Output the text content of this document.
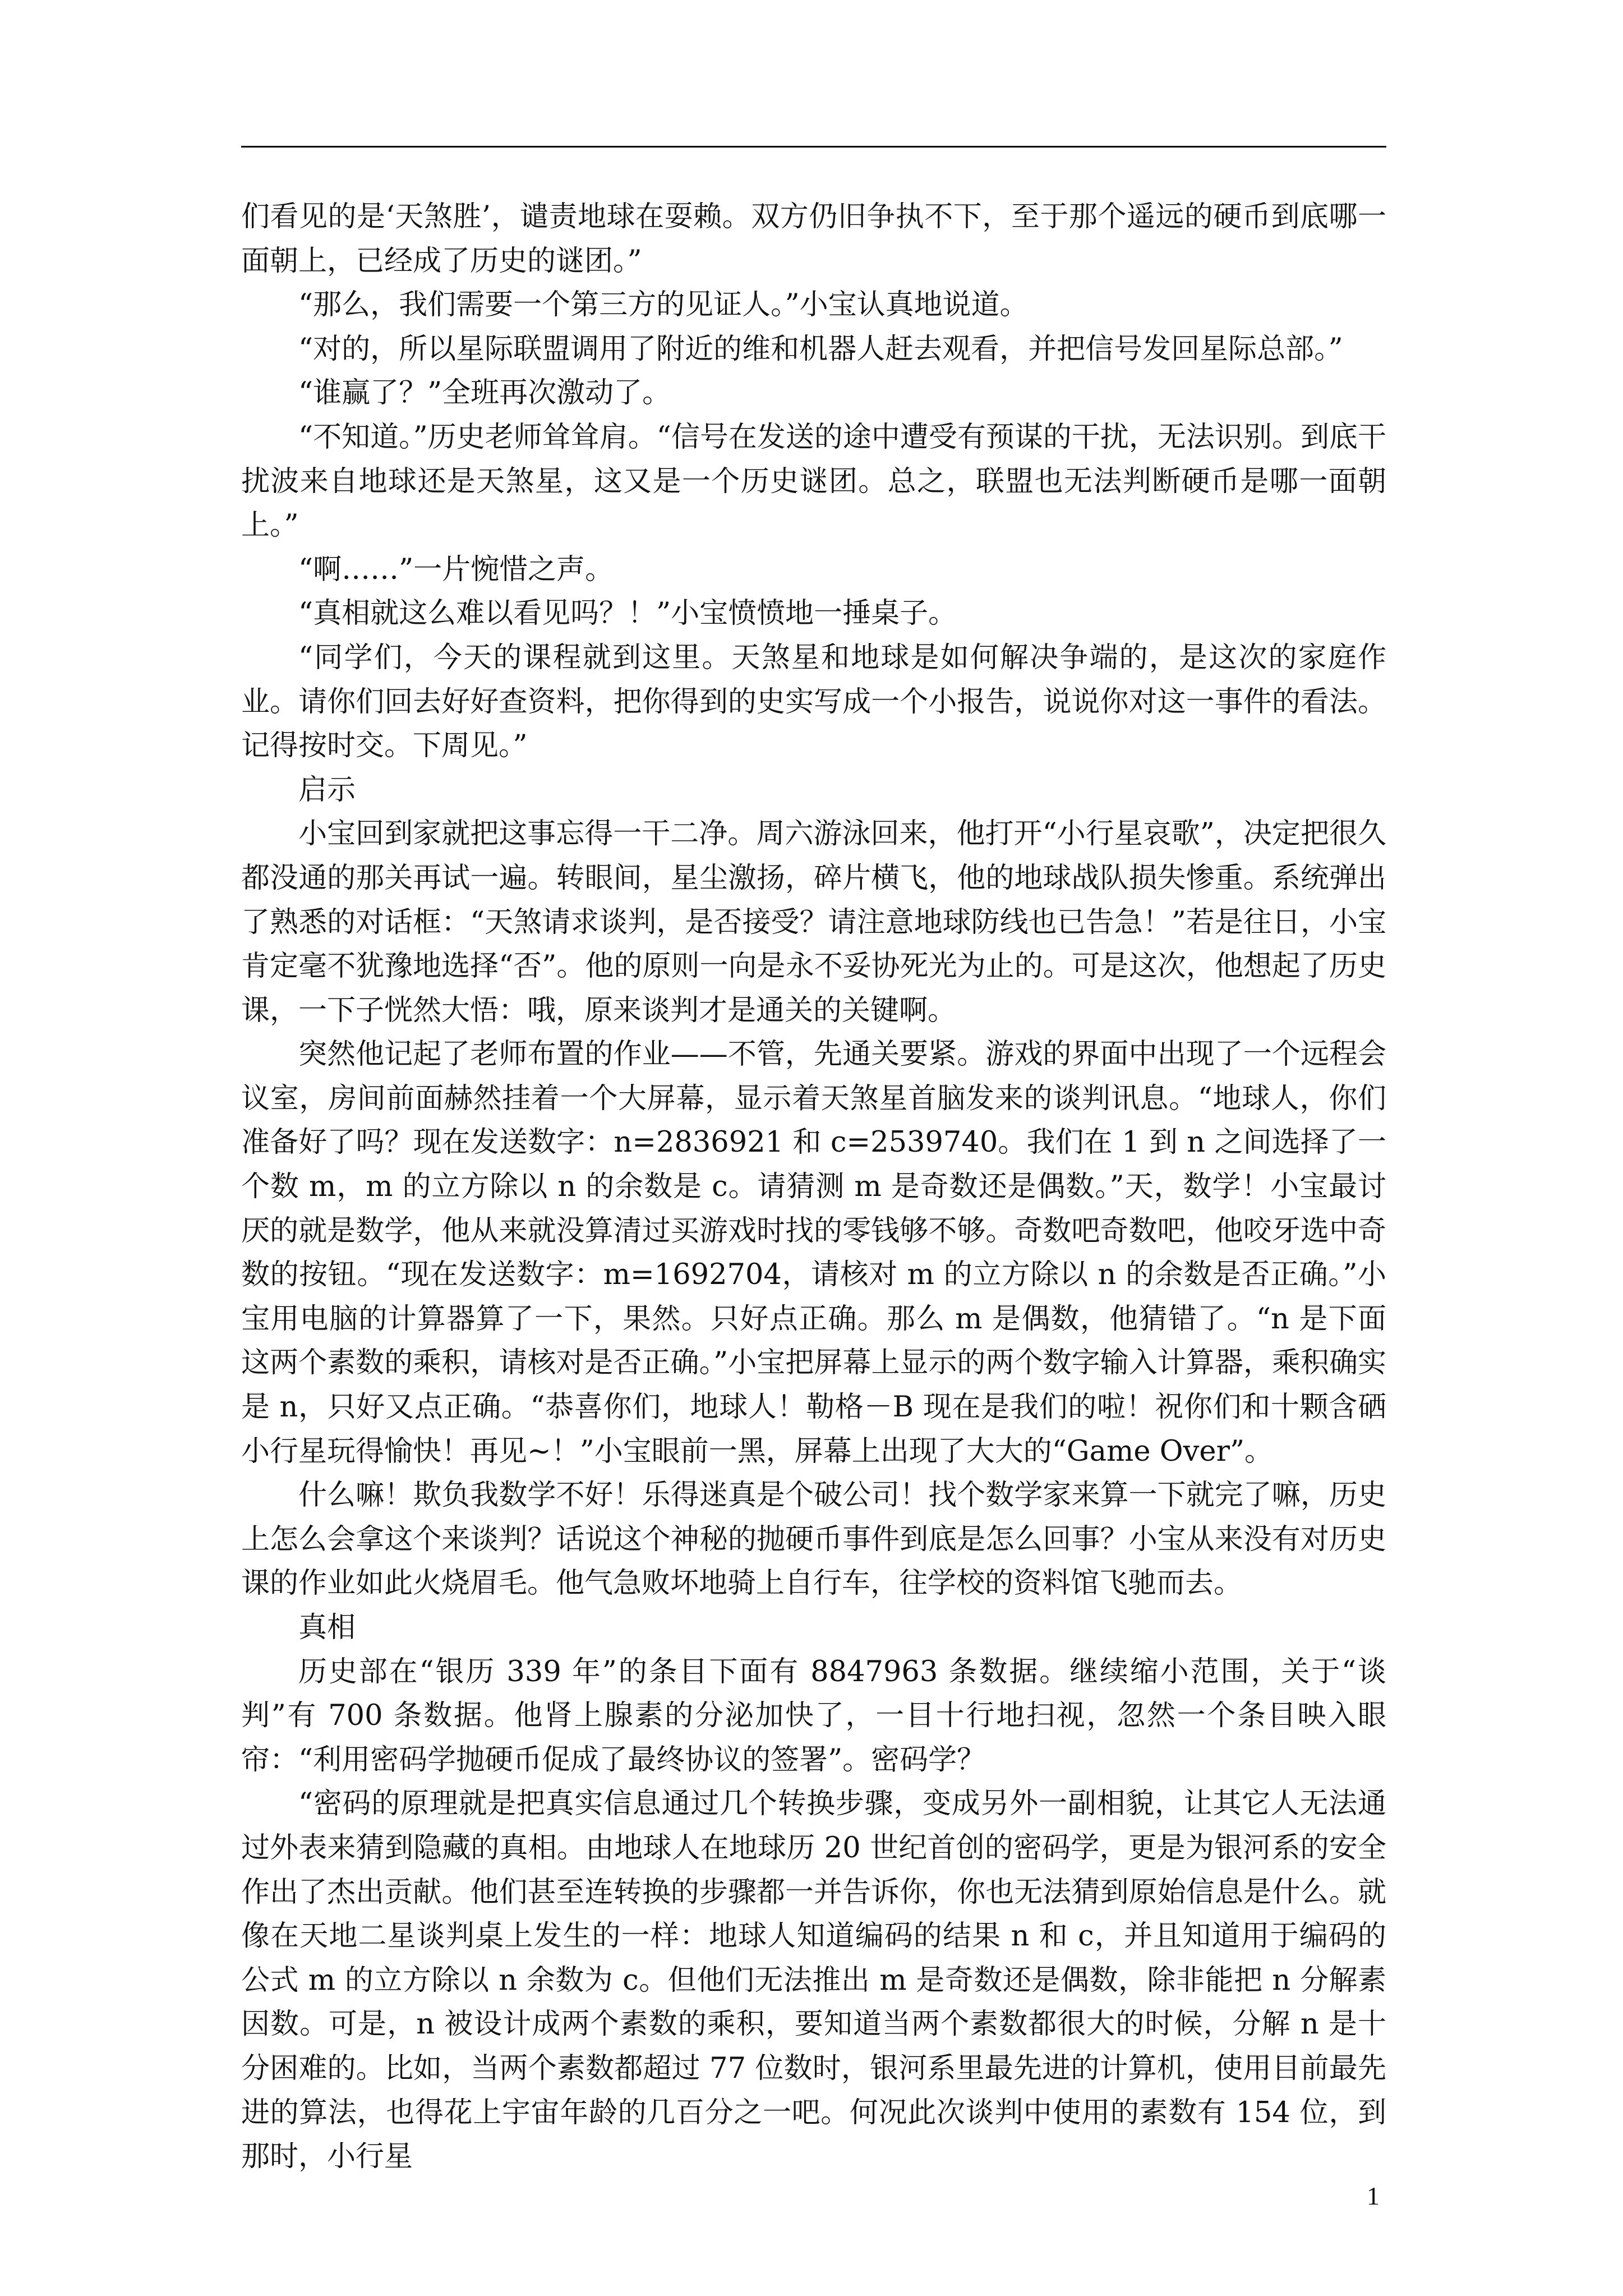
们看见的是‘天煞胜’，谴责地球在耍赖。双方仍旧争执不下，至于那个遥远的硬币到底哪一面朝上，已经成了历史的谜团。”

“那么，我们需要一个第三方的见证人。”小宝认真地说道。

“对的，所以星际联盟调用了附近的维和机器人赶去观看，并把信号发回星际总部。”

“谁赢了？”全班再次激动了。

“不知道。”历史老师耸耸肩。“信号在发送的途中遭受有预谋的干扰，无法识别。到底干扰波来自地球还是天煞星，这又是一个历史谜团。总之，联盟也无法判断硬币是哪一面朝上。”

“啊……”一片惋惜之声。

“真相就这么难以看见吗？！”小宝愤愤地一捶桌子。

“同学们，今天的课程就到这里。天煞星和地球是如何解决争端的，是这次的家庭作业。请你们回去好好查资料，把你得到的史实写成一个小报告，说说你对这一事件的看法。记得按时交。下周见。”

启示

小宝回到家就把这事忘得一干二净。周六游泳回来，他打开“小行星哀歌”，决定把很久都没通的那关再试一遍。转眼间，星尘激扬，碎片横飞，他的地球战队损失惨重。系统弹出了熟悉的对话框：“天煞请求谈判，是否接受？请注意地球防线也已告急！”若是往日，小宝肯定毫不犹豫地选择“否”。他的原则一向是永不妥协死光为止的。可是这次，他想起了历史课，一下子恍然大悟：哦，原来谈判才是通关的关键啊。

突然他记起了老师布置的作业——不管，先通关要紧。游戏的界面中出现了一个远程会议室，房间前面赫然挂着一个大屏幕，显示着天煞星首脑发来的谈判讯息。“地球人，你们准备好了吗？现在发送数字：n=2836921 和 c=2539740。我们在 1 到 n 之间选择了一个数 m，m 的立方除以 n 的余数是 c。请猜测 m 是奇数还是偶数。”天，数学！小宝最讨厌的就是数学，他从来就没算清过买游戏时找的零钱够不够。奇数吧奇数吧，他咬牙选中奇数的按钮。“现在发送数字：m=1692704，请核对 m 的立方除以 n 的余数是否正确。”小宝用电脑的计算器算了一下，果然。只好点正确。那么 m 是偶数，他猜错了。“n 是下面这两个素数的乘积，请核对是否正确。”小宝把屏幕上显示的两个数字输入计算器，乘积确实是 n，只好又点正确。“恭喜你们，地球人！勒格－B 现在是我们的啦！祝你们和十颗含硒小行星玩得愉快！再见~！”小宝眼前一黑，屏幕上出现了大大的“Game Over”。

什么嘛！欺负我数学不好！乐得迷真是个破公司！找个数学家来算一下就完了嘛，历史上怎么会拿这个来谈判？话说这个神秘的抛硬币事件到底是怎么回事？小宝从来没有对历史课的作业如此火烧眉毛。他气急败坏地骑上自行车，往学校的资料馆飞驰而去。

真相

历史部在“银历 339 年”的条目下面有 8847963 条数据。继续缩小范围，关于“谈判”有 700 条数据。他肾上腺素的分泌加快了，一目十行地扫视，忽然一个条目映入眼帘：“利用密码学抛硬币促成了最终协议的签署”。密码学？

“密码的原理就是把真实信息通过几个转换步骤，变成另外一副相貌，让其它人无法通过外表来猜到隐藏的真相。由地球人在地球历 20 世纪首创的密码学，更是为银河系的安全作出了杰出贡献。他们甚至连转换的步骤都一并告诉你，你也无法猜到原始信息是什么。就像在天地二星谈判桌上发生的一样：地球人知道编码的结果 n 和 c，并且知道用于编码的公式 m 的立方除以 n 余数为 c。但他们无法推出 m 是奇数还是偶数，除非能把 n 分解素因数。可是，n 被设计成两个素数的乘积，要知道当两个素数都很大的时候，分解 n 是十分困难的。比如，当两个素数都超过 77 位数时，银河系里最先进的计算机，使用目前最先进的算法，也得花上宇宙年龄的几百分之一吧。何况此次谈判中使用的素数有 154 位，到那时，小行星

1
